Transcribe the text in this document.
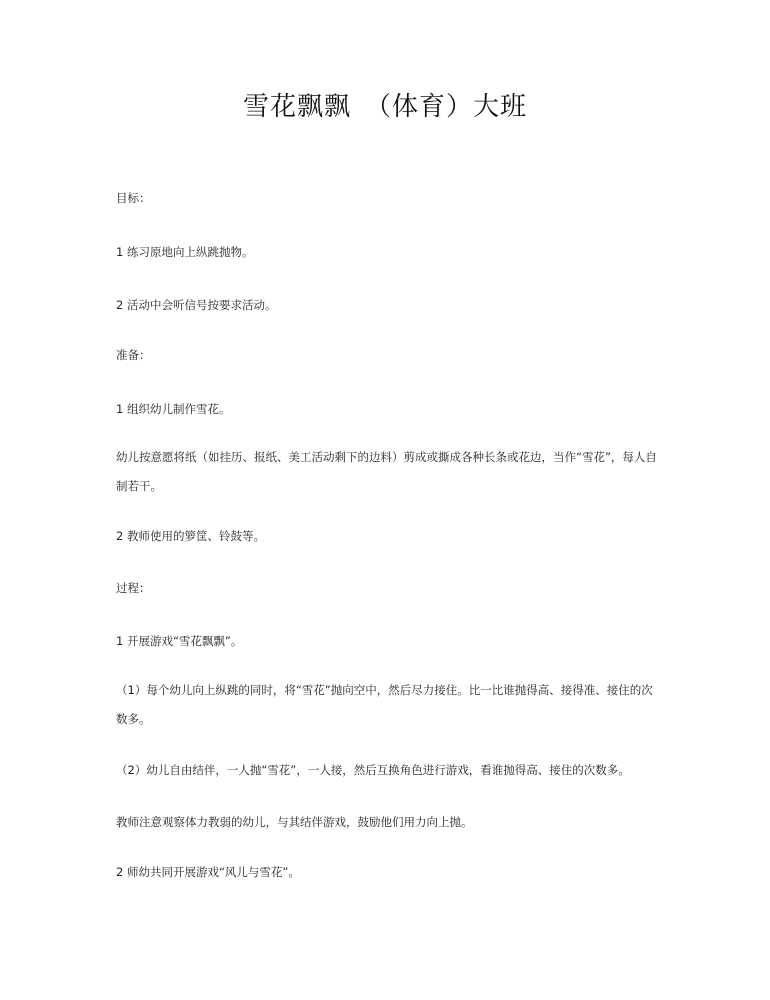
雪花飘飘　（体育）大班
目标：
1 练习原地向上纵跳抛物。
2 活动中会听信号按要求活动。
准备：
1 组织幼儿制作雪花。
幼儿按意愿将纸（如挂历、报纸、美工活动剩下的边料）剪成或撕成各种长条或花边，当作“雪花”，每人自制若干。
2 教师使用的箩筐、铃鼓等。
过程：
1 开展游戏“雪花飘飘”。
（1）每个幼儿向上纵跳的同时，将“雪花”抛向空中，然后尽力接住。比一比谁抛得高、接得准、接住的次数多。
（2）幼儿自由结伴，一人抛“雪花”，一人接，然后互换角色进行游戏，看谁抛得高、接住的次数多。
教师注意观察体力教弱的幼儿，与其结伴游戏，鼓励他们用力向上抛。
2 师幼共同开展游戏“风儿与雪花”。
